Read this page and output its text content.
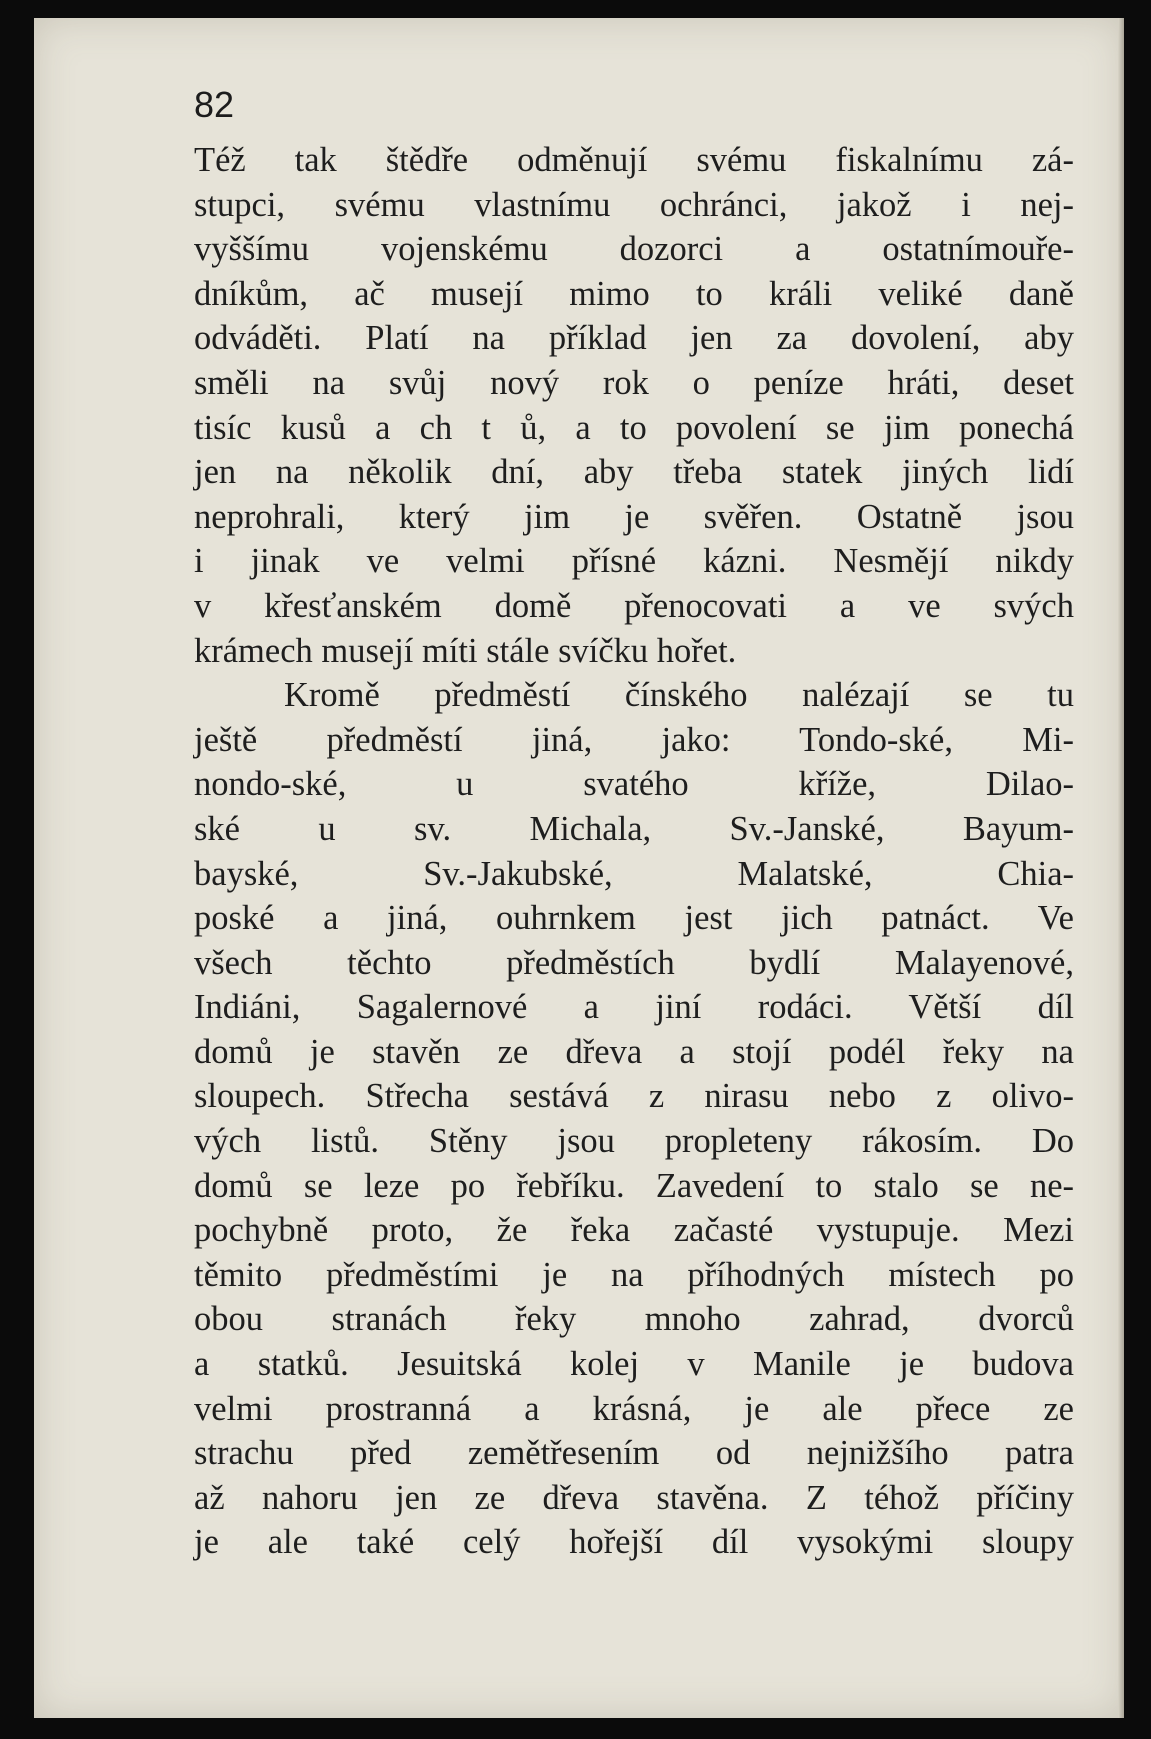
82

Též tak štědře odměnují svému fiskalnímu zá-
stupci, svému vlastnímu ochránci, jakož i nej-
vyššímu vojenskému dozorci a ostatnímouře-
dníkům, ač musejí mimo to králi veliké daně
odváděti. Platí na příklad jen za dovolení, aby
směli na svůj nový rok o peníze hráti, deset
tisíc kusů a ch t ů, a to povolení se jim ponechá
jen na několik dní, aby třeba statek jiných lidí
neprohrali, který jim je svěřen. Ostatně jsou
i jinak ve velmi přísné kázni. Nesmějí nikdy
v křesťanském domě přenocovati a ve svých
krámech musejí míti stále svíčku hořet.
Kromě předměstí čínského nalézají se tu
ještě předměstí jiná, jako: Tondo-ské, Mi-
nondo-ské, u svatého kříže, Dilao-
ské u sv. Michala, Sv.-Janské, Bayum-
bayské, Sv.-Jakubské, Malatské, Chia-
poské a jiná, ouhrnkem jest jich patnáct. Ve
všech těchto předměstích bydlí Malayenové,
Indiáni, Sagalernové a jiní rodáci. Větší díl
domů je stavěn ze dřeva a stojí podél řeky na
sloupech. Střecha sestává z nirasu nebo z olivo-
vých listů. Stěny jsou propleteny rákosím. Do
domů se leze po řebříku. Zavedení to stalo se ne-
pochybně proto, že řeka začasté vystupuje. Mezi
těmito předměstími je na příhodných místech po
obou stranách řeky mnoho zahrad, dvorců
a statků. Jesuitská kolej v Manile je budova
velmi prostranná a krásná, je ale přece ze
strachu před zemětřesením od nejnižšího patra
až nahoru jen ze dřeva stavěna. Z téhož příčiny
je ale také celý hořejší díl vysokými sloupy
